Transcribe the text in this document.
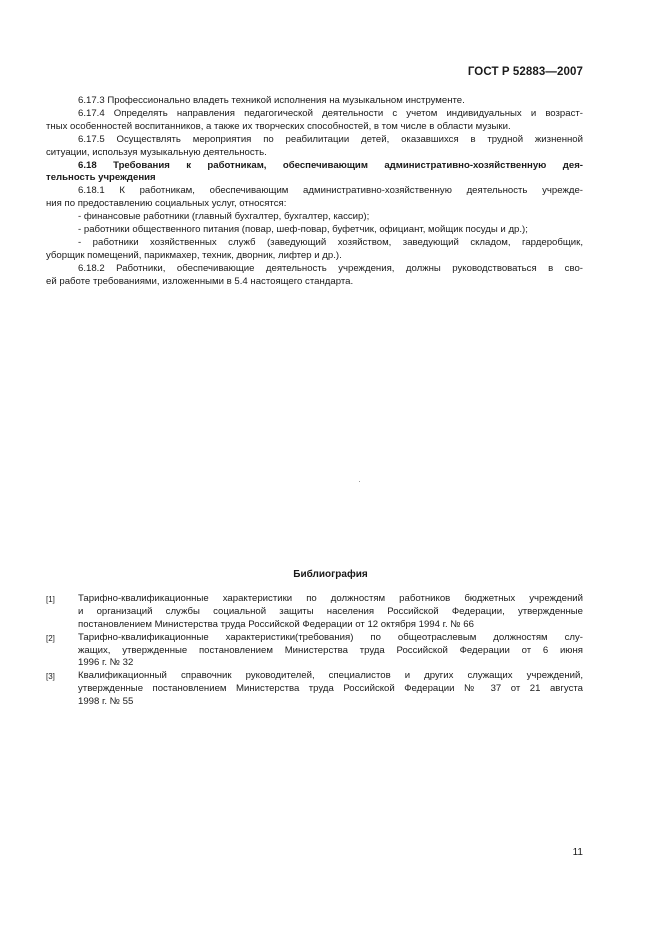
ГОСТ Р 52883—2007
6.17.3 Профессионально владеть техникой исполнения на музыкальном инструменте.
6.17.4 Определять направления педагогической деятельности с учетом индивидуальных и возраст-
тных особенностей воспитанников, а также их творческих способностей, в том числе в области музыки.
6.17.5 Осуществлять мероприятия по реабилитации детей, оказавшихся в трудной жизненной
ситуации, используя музыкальную деятельность.
6.18 Требования к работникам, обеспечивающим административно-хозяйственную дея-
тельность учреждения
6.18.1 К работникам, обеспечивающим административно-хозяйственную деятельность учрежде-
ния по предоставлению социальных услуг, относятся:
- финансовые работники (главный бухгалтер, бухгалтер, кассир);
- работники общественного питания (повар, шеф-повар, буфетчик, официант, мойщик посуды и др.);
- работники хозяйственных служб (заведующий хозяйством, заведующий складом, гардеробщик,
уборщик помещений, парикмахер, техник, дворник, лифтер и др.).
6.18.2 Работники, обеспечивающие деятельность учреждения, должны руководствоваться в сво-
ей работе требованиями, изложенными в 5.4 настоящего стандарта.
Библиография
[1] Тарифно-квалификационные характеристики по должностям работников бюджетных учреждений
и организаций службы социальной защиты населения Российской Федерации, утвержденные
постановлением Министерства труда Российской Федерации от 12 октября 1994 г. № 66
[2] Тарифно-квалификационные характеристики(требования) по общеотраслевым должностям слу-
жащих, утвержденные постановлением Министерства труда Российской Федерации от 6 июня
1996 г. № 32
[3] Квалификационный справочник руководителей, специалистов и других служащих учреждений,
утвержденные постановлением Министерства труда Российской Федерации № 37 от 21 августа
1998 г. № 55
11
